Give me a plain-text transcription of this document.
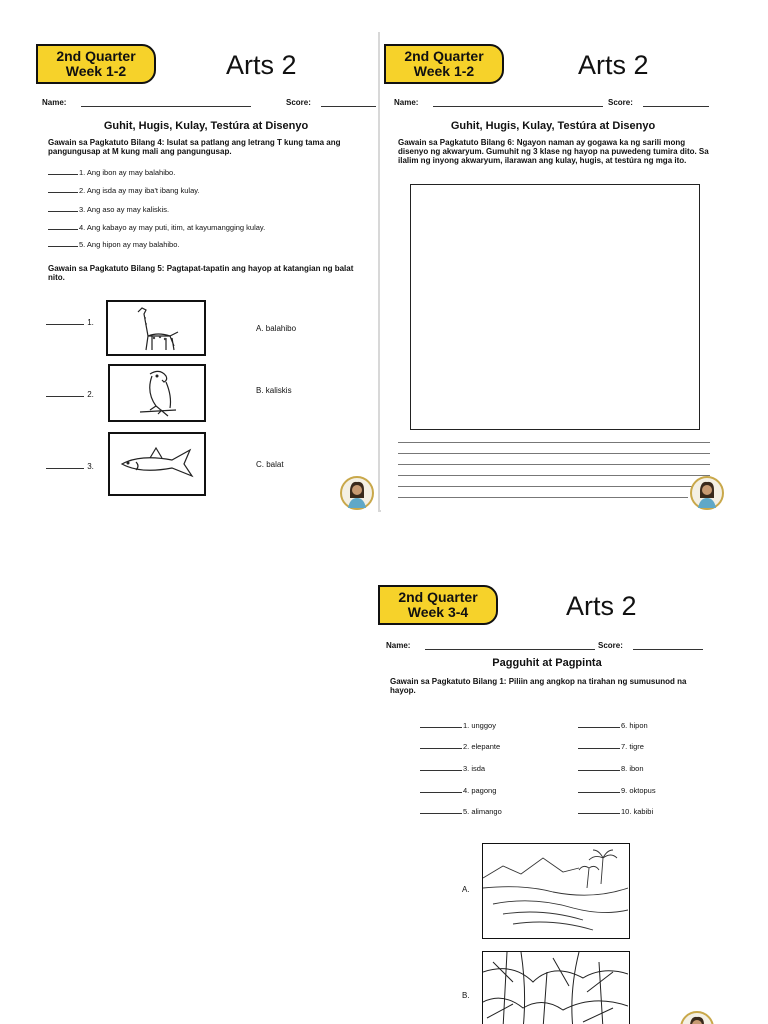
2nd Quarter
Week 1-2	Arts 2
Name:	Score:
Guhit, Hugis, Kulay, Testúra at Disenyo
Gawain sa Pagkatuto Bilang 4: Isulat sa patlang ang letrang T kung tama ang pangungusap at M kung mali ang pangungusap.
1. Ang ibon ay may balahibo.
2. Ang isda ay may iba't ibang kulay.
3. Ang aso ay may kaliskis.
4. Ang kabayo ay may puti, itim, at kayumangging kulay.
5. Ang hipon ay may balahibo.
Gawain sa Pagkatuto Bilang 5: Pagtapat-tapatin ang hayop at katangian ng balat nito.
1.
A. balahibo
2.	B. kaliskis
3.	C. balat
2nd Quarter
Week 1-2	Arts 2
Name:	Score:
Guhit, Hugis, Kulay, Testúra at Disenyo
Gawain sa Pagkatuto Bilang 6: Ngayon naman ay gogawa ka ng sarili mong disenyo ng akwaryum. Gumuhit ng 3 klase ng hayop na puwedeng tumira dito. Sa ilalim ng inyong akwaryum, ilarawan ang kulay, hugis, at testúra ng mga ito.
2nd Quarter
Week 3-4	Arts 2
Name:	Score:
Pagguhit at Pagpinta
Gawain sa Pagkatuto Bilang 1: Piliin ang angkop na tirahan ng sumusunod na hayop.
1. unggoy
2. elepante
3. isda
4. pagong
5. alimango
6. hipon
7. tigre
8. ibon
9. oktopus
10. kabibi
A.
B.
